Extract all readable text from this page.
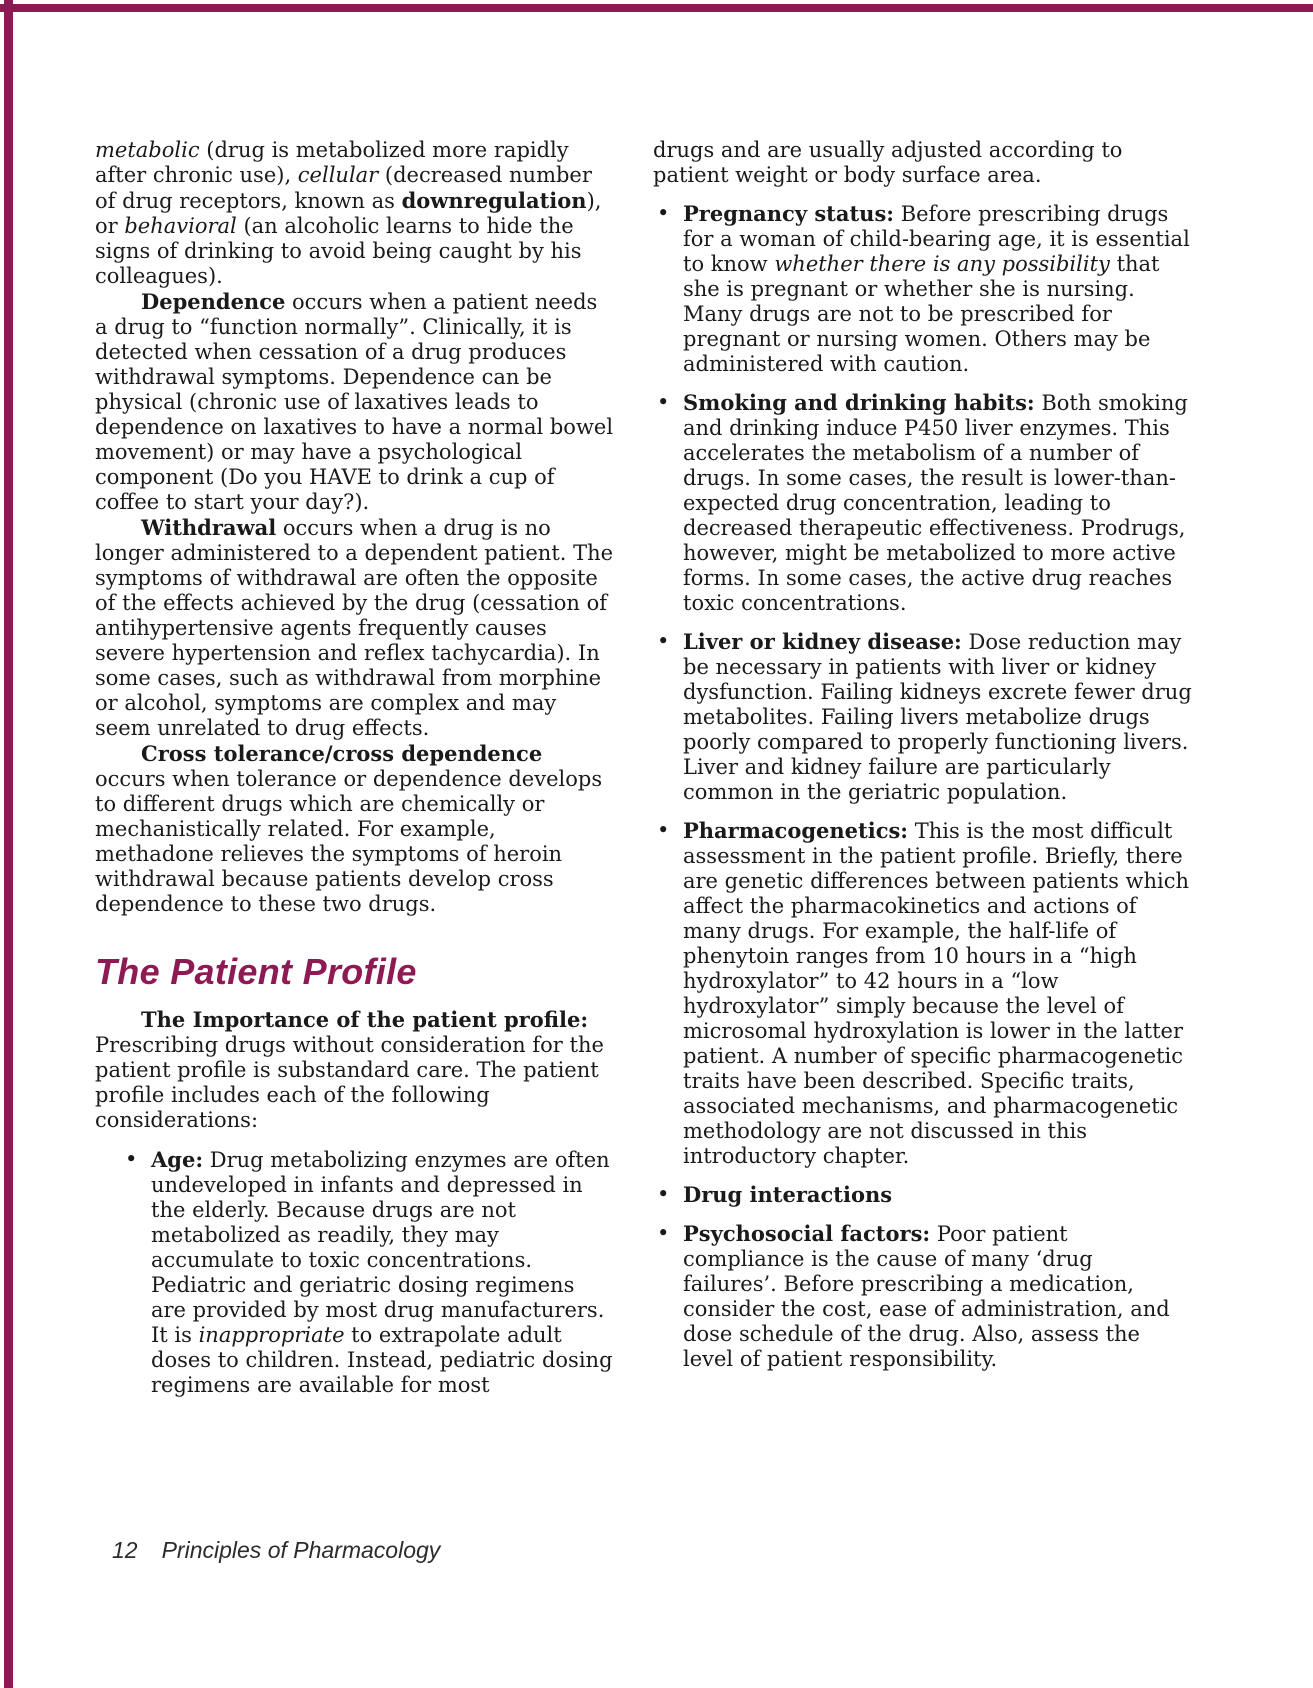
metabolic (drug is metabolized more rapidly after chronic use), cellular (decreased number of drug receptors, known as downregulation), or behavioral (an alcoholic learns to hide the signs of drinking to avoid being caught by his colleagues).

Dependence occurs when a patient needs a drug to “function normally”. Clinically, it is detected when cessation of a drug produces withdrawal symptoms. Dependence can be physical (chronic use of laxatives leads to dependence on laxatives to have a normal bowel movement) or may have a psychological component (Do you HAVE to drink a cup of coffee to start your day?).

Withdrawal occurs when a drug is no longer administered to a dependent patient. The symptoms of withdrawal are often the opposite of the effects achieved by the drug (cessation of antihypertensive agents frequently causes severe hypertension and reflex tachycardia). In some cases, such as withdrawal from morphine or alcohol, symptoms are complex and may seem unrelated to drug effects.

Cross tolerance/cross dependence occurs when tolerance or dependence develops to different drugs which are chemically or mechanistically related. For example, methadone relieves the symptoms of heroin withdrawal because patients develop cross dependence to these two drugs.

The Patient Profile

The Importance of the patient profile: Prescribing drugs without consideration for the patient profile is substandard care. The patient profile includes each of the following considerations:

• Age: Drug metabolizing enzymes are often undeveloped in infants and depressed in the elderly. Because drugs are not metabolized as readily, they may accumulate to toxic concentrations. Pediatric and geriatric dosing regimens are provided by most drug manufacturers. It is inappropriate to extrapolate adult doses to children. Instead, pediatric dosing regimens are available for most

drugs and are usually adjusted according to patient weight or body surface area.

• Pregnancy status: Before prescribing drugs for a woman of child-bearing age, it is essential to know whether there is any possibility that she is pregnant or whether she is nursing. Many drugs are not to be prescribed for pregnant or nursing women. Others may be administered with caution.
• Smoking and drinking habits: Both smoking and drinking induce P450 liver enzymes. This accelerates the metabolism of a number of drugs. In some cases, the result is lower-than-expected drug concentration, leading to decreased therapeutic effectiveness. Prodrugs, however, might be metabolized to more active forms. In some cases, the active drug reaches toxic concentrations.
• Liver or kidney disease: Dose reduction may be necessary in patients with liver or kidney dysfunction. Failing kidneys excrete fewer drug metabolites. Failing livers metabolize drugs poorly compared to properly functioning livers. Liver and kidney failure are particularly common in the geriatric population.
• Pharmacogenetics: This is the most difficult assessment in the patient profile. Briefly, there are genetic differences between patients which affect the pharmacokinetics and actions of many drugs. For example, the half-life of phenytoin ranges from 10 hours in a “high hydroxylator” to 42 hours in a “low hydroxylator” simply because the level of microsomal hydroxylation is lower in the latter patient. A number of specific pharmacogenetic traits have been described. Specific traits, associated mechanisms, and pharmacogenetic methodology are not discussed in this introductory chapter.
• Drug interactions
• Psychosocial factors: Poor patient compliance is the cause of many ‘drug failures’. Before prescribing a medication, consider the cost, ease of administration, and dose schedule of the drug. Also, assess the level of patient responsibility.
12 Principles of Pharmacology
